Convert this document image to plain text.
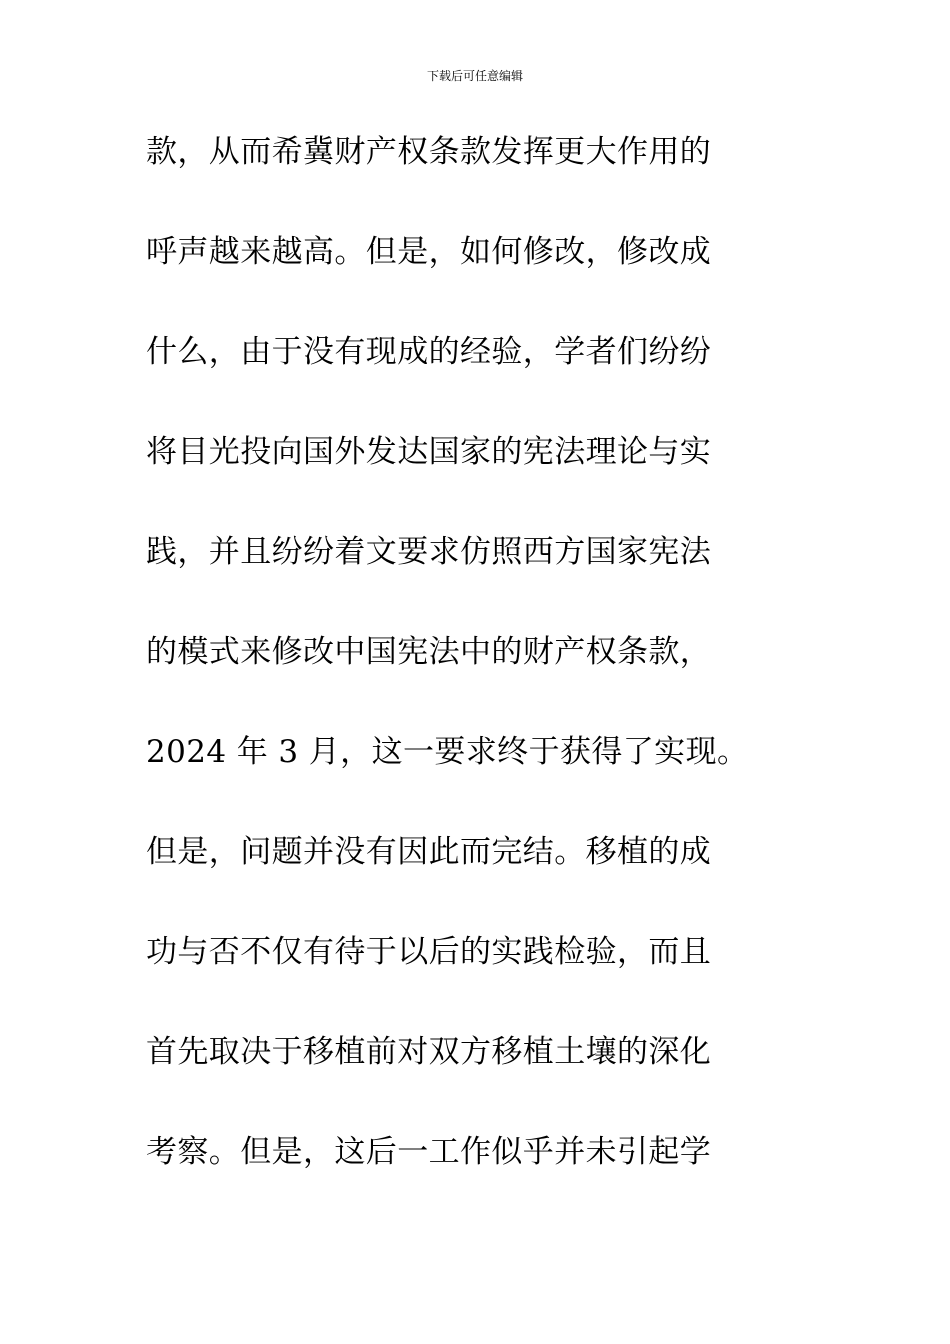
下载后可任意编辑
款，从而希冀财产权条款发挥更大作用的
呼声越来越高。但是，如何修改，修改成
什么，由于没有现成的经验，学者们纷纷
将目光投向国外发达国家的宪法理论与实
践，并且纷纷着文要求仿照西方国家宪法
的模式来修改中国宪法中的财产权条款，
2024 年 3 月，这一要求终于获得了实现。
但是，问题并没有因此而完结。移植的成
功与否不仅有待于以后的实践检验，而且
首先取决于移植前对双方移植土壤的深化
考察。但是，这后一工作似乎并未引起学
